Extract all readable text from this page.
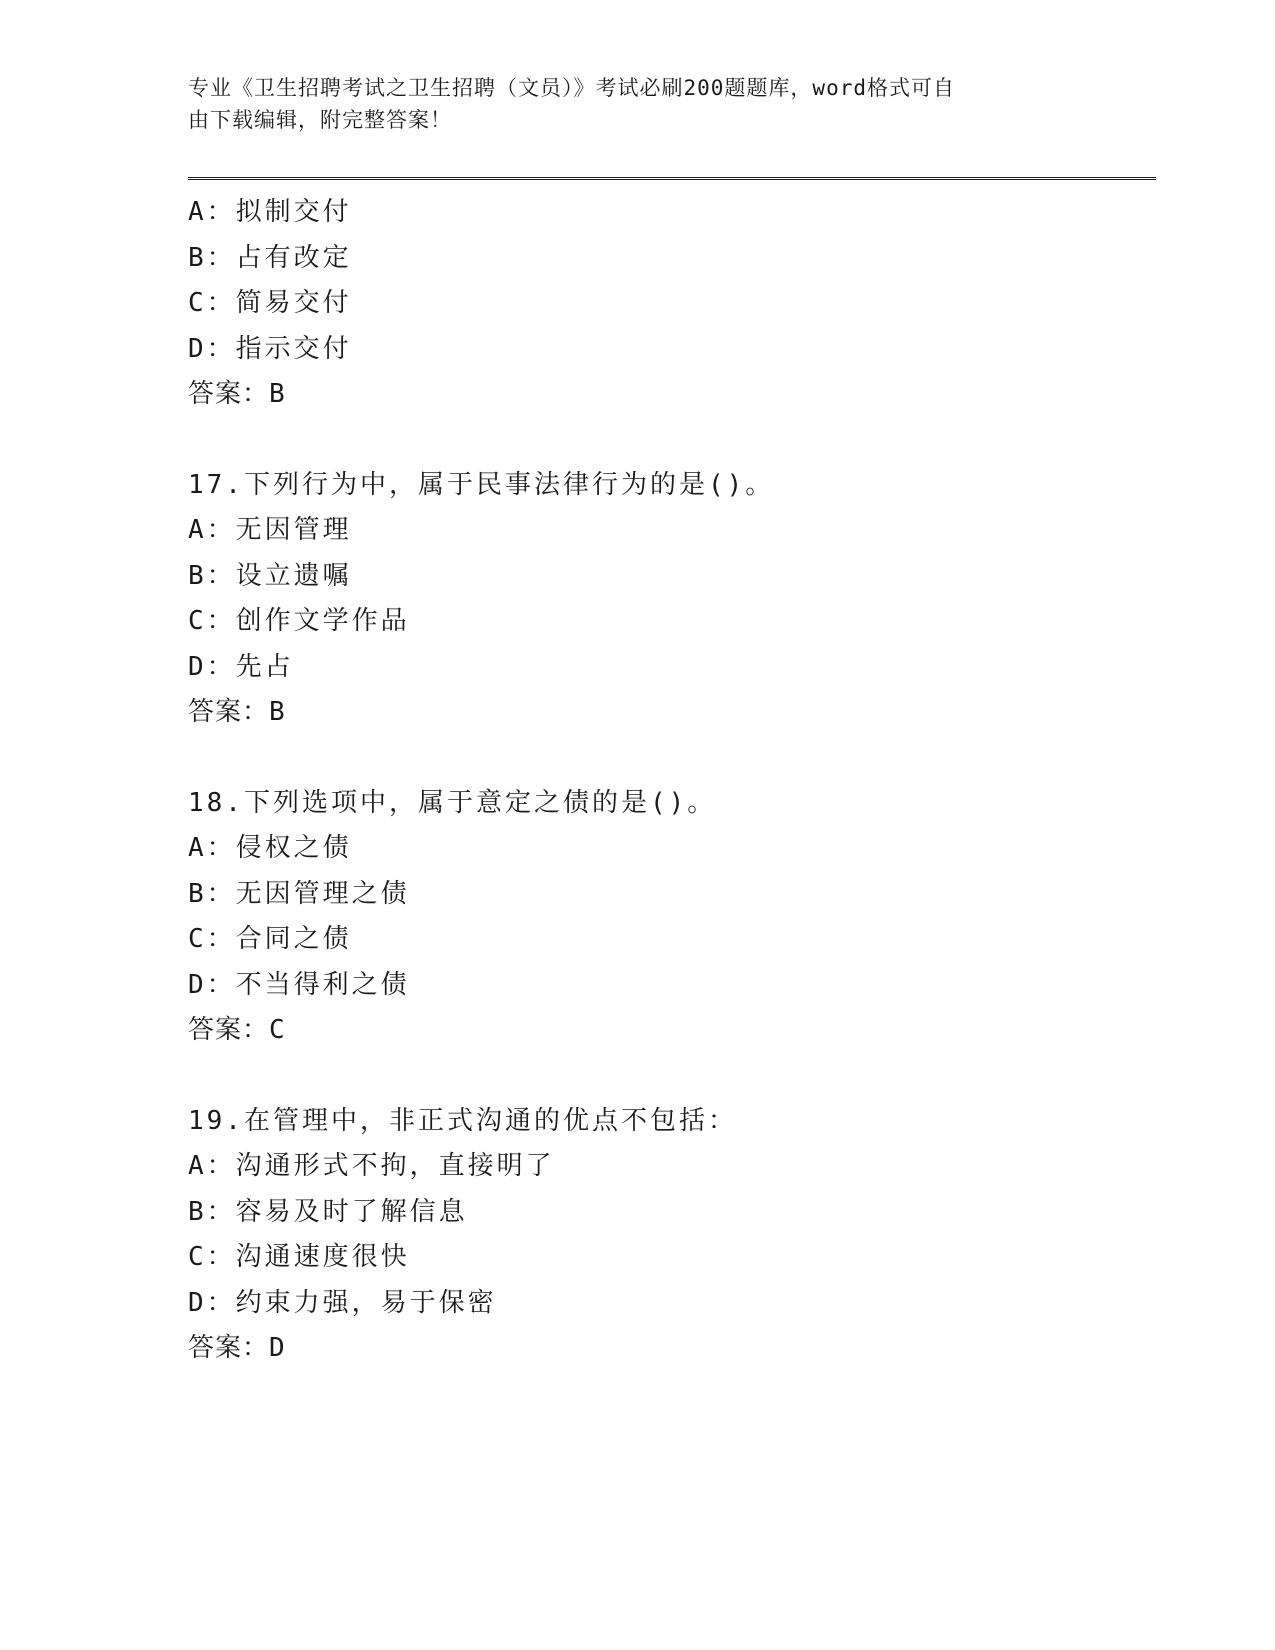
专业《卫生招聘考试之卫生招聘（文员）》考试必刷200题题库，word格式可自
由下载编辑，附完整答案！
A：拟制交付
B：占有改定
C：简易交付
D：指示交付
答案：B
17.下列行为中，属于民事法律行为的是()。
A：无因管理
B：设立遗嘱
C：创作文学作品
D：先占
答案：B
18.下列选项中，属于意定之债的是()。
A：侵权之债
B：无因管理之债
C：合同之债
D：不当得利之债
答案：C
19.在管理中，非正式沟通的优点不包括：
A：沟通形式不拘，直接明了
B：容易及时了解信息
C：沟通速度很快
D：约束力强，易于保密
答案：D
